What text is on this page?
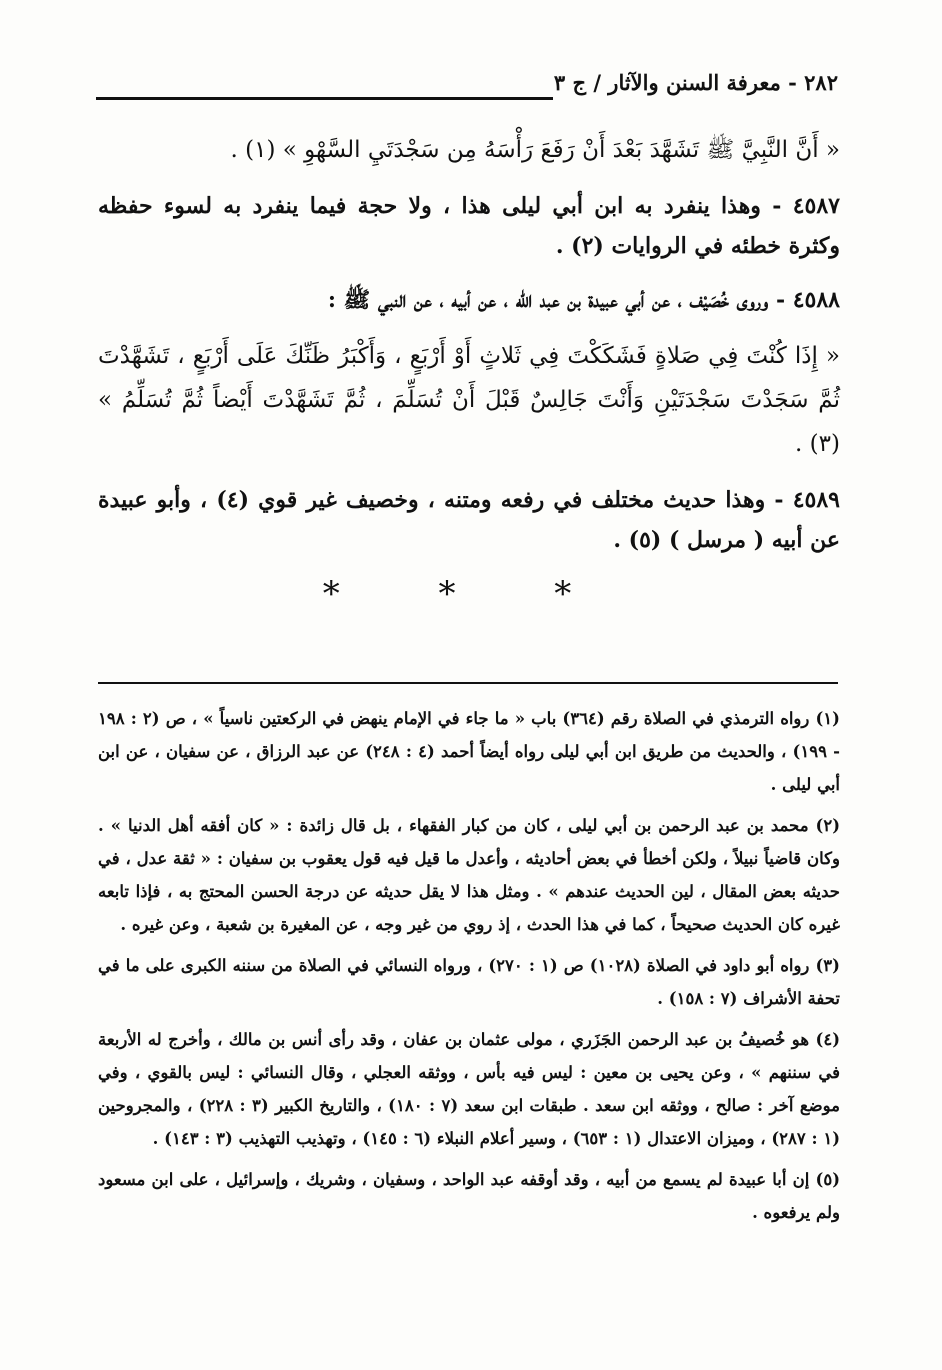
٢٨٢ - معرفة السنن والآثار / ج ٣

« أَنَّ النَّبِيَّ ﷺ تَشَهَّدَ بَعْدَ أَنْ رَفَعَ رَأْسَهُ مِن سَجْدَتَيِ السَّهْوِ » (١) .

٤٥٨٧ - وهذا ينفرد به ابن أبي ليلى هذا ، ولا حجة فيما ينفرد به لسوء حفظه وكثرة خطئه في الروايات (٢) .

٤٥٨٨ - وروى خُصَيْف ، عن أبي عبيدة بن عبد الله ، عن أبيه ، عن النبي ﷺ :

« إِذَا كُنْتَ فِي صَلاةٍ فَشَكَكْتَ فِي ثَلاثٍ أَوْ أَرْبَعٍ ، وَأَكْبَرُ ظَنِّكَ عَلَى أَرْبَعٍ ، تَشَهَّدْتَ ثُمَّ سَجَدْتَ سَجْدَتَيْنِ وَأَنْتَ جَالِسٌ قَبْلَ أَنْ تُسَلِّمَ ، ثُمَّ تَشَهَّدْتَ أَيْضاً ثُمَّ تُسَلِّمُ » (٣) .

٤٥٨٩ - وهذا حديث مختلف في رفعه ومتنه ، وخصيف غير قوي (٤) ، وأبو عبيدة عن أبيه ( مرسل ) (٥) .

* * *

(١) رواه الترمذي في الصلاة رقم (٣٦٤) باب « ما جاء في الإمام ينهض في الركعتين ناسياً » ، ص (٢ : ١٩٨ - ١٩٩) ، والحديث من طريق ابن أبي ليلى رواه أيضاً أحمد (٤ : ٢٤٨) عن عبد الرزاق ، عن سفيان ، عن ابن أبي ليلى .

(٢) محمد بن عبد الرحمن بن أبي ليلى ، كان من كبار الفقهاء ، بل قال زائدة : « كان أفقه أهل الدنيا » . وكان قاضياً نبيلاً ، ولكن أخطأ في بعض أحاديثه ، وأعدل ما قيل فيه قول يعقوب بن سفيان : « ثقة عدل ، في حديثه بعض المقال ، لين الحديث عندهم » . ومثل هذا لا يقل حديثه عن درجة الحسن المحتج به ، فإذا تابعه غيره كان الحديث صحيحاً ، كما في هذا الحدث ، إذ روي من غير وجه ، عن المغيرة بن شعبة ، وعن غيره .

(٣) رواه أبو داود في الصلاة (١٠٢٨) ص (١ : ٢٧٠) ، ورواه النسائي في الصلاة من سننه الكبرى على ما في تحفة الأشراف (٧ : ١٥٨) .

(٤) هو خُصيفُ بن عبد الرحمن الجَزَري ، مولى عثمان بن عفان ، وقد رأى أنس بن مالك ، وأخرج له الأربعة في سننهم » ، وعن يحيى بن معين : ليس فيه بأس ، ووثقه العجلي ، وقال النسائي : ليس بالقوي ، وفي موضع آخر : صالح ، ووثقه ابن سعد . طبقات ابن سعد (٧ : ١٨٠) ، والتاريخ الكبير (٣ : ٢٢٨) ، والمجروحين (١ : ٢٨٧) ، وميزان الاعتدال (١ : ٦٥٣) ، وسير أعلام النبلاء (٦ : ١٤٥) ، وتهذيب التهذيب (٣ : ١٤٣) .

(٥) إن أبا عبيدة لم يسمع من أبيه ، وقد أوقفه عبد الواحد ، وسفيان ، وشريك ، وإسرائيل ، على ابن مسعود ولم يرفعوه .
